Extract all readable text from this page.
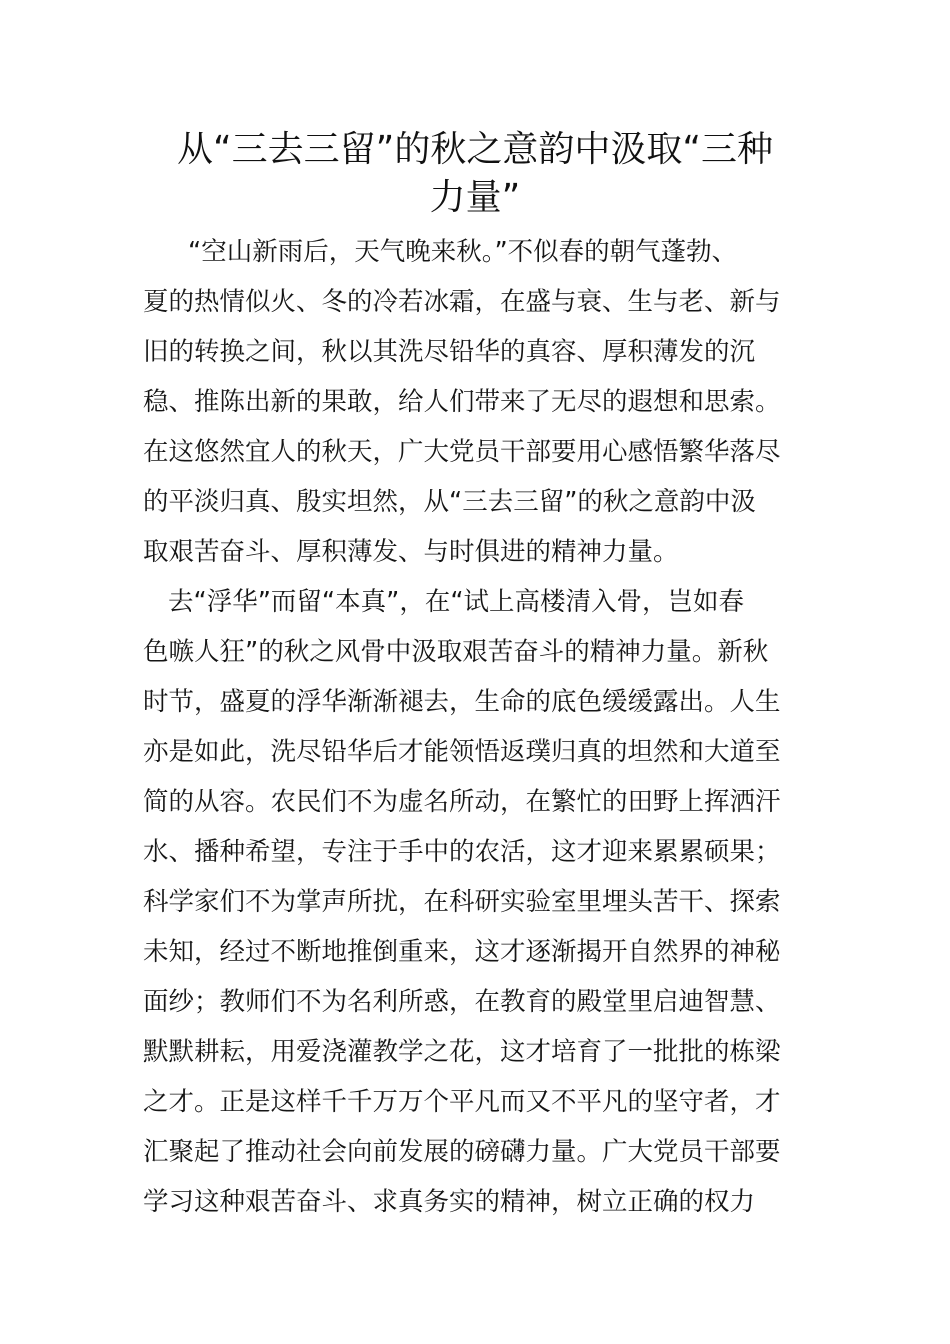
从“三去三留”的秋之意韵中汲取“三种
力量”
“空山新雨后，天气晚来秋。”不似春的朝气蓬勃、
夏的热情似火、冬的冷若冰霜，在盛与衰、生与老、新与
旧的转换之间，秋以其洗尽铅华的真容、厚积薄发的沉
稳、推陈出新的果敢，给人们带来了无尽的遐想和思索。
在这悠然宜人的秋天，广大党员干部要用心感悟繁华落尽
的平淡归真、殷实坦然，从“三去三留”的秋之意韵中汲
取艰苦奋斗、厚积薄发、与时俱进的精神力量。
去“浮华”而留“本真”，在“试上高楼清入骨，岂如春
色嗾人狂”的秋之风骨中汲取艰苦奋斗的精神力量。新秋
时节，盛夏的浮华渐渐褪去，生命的底色缓缓露出。人生
亦是如此，洗尽铅华后才能领悟返璞归真的坦然和大道至
简的从容。农民们不为虚名所动，在繁忙的田野上挥洒汗
水、播种希望，专注于手中的农活，这才迎来累累硕果；
科学家们不为掌声所扰，在科研实验室里埋头苦干、探索
未知，经过不断地推倒重来，这才逐渐揭开自然界的神秘
面纱；教师们不为名利所惑，在教育的殿堂里启迪智慧、
默默耕耘，用爱浇灌教学之花，这才培育了一批批的栋梁
之才。正是这样千千万万个平凡而又不平凡的坚守者，才
汇聚起了推动社会向前发展的磅礴力量。广大党员干部要
学习这种艰苦奋斗、求真务实的精神，树立正确的权力
